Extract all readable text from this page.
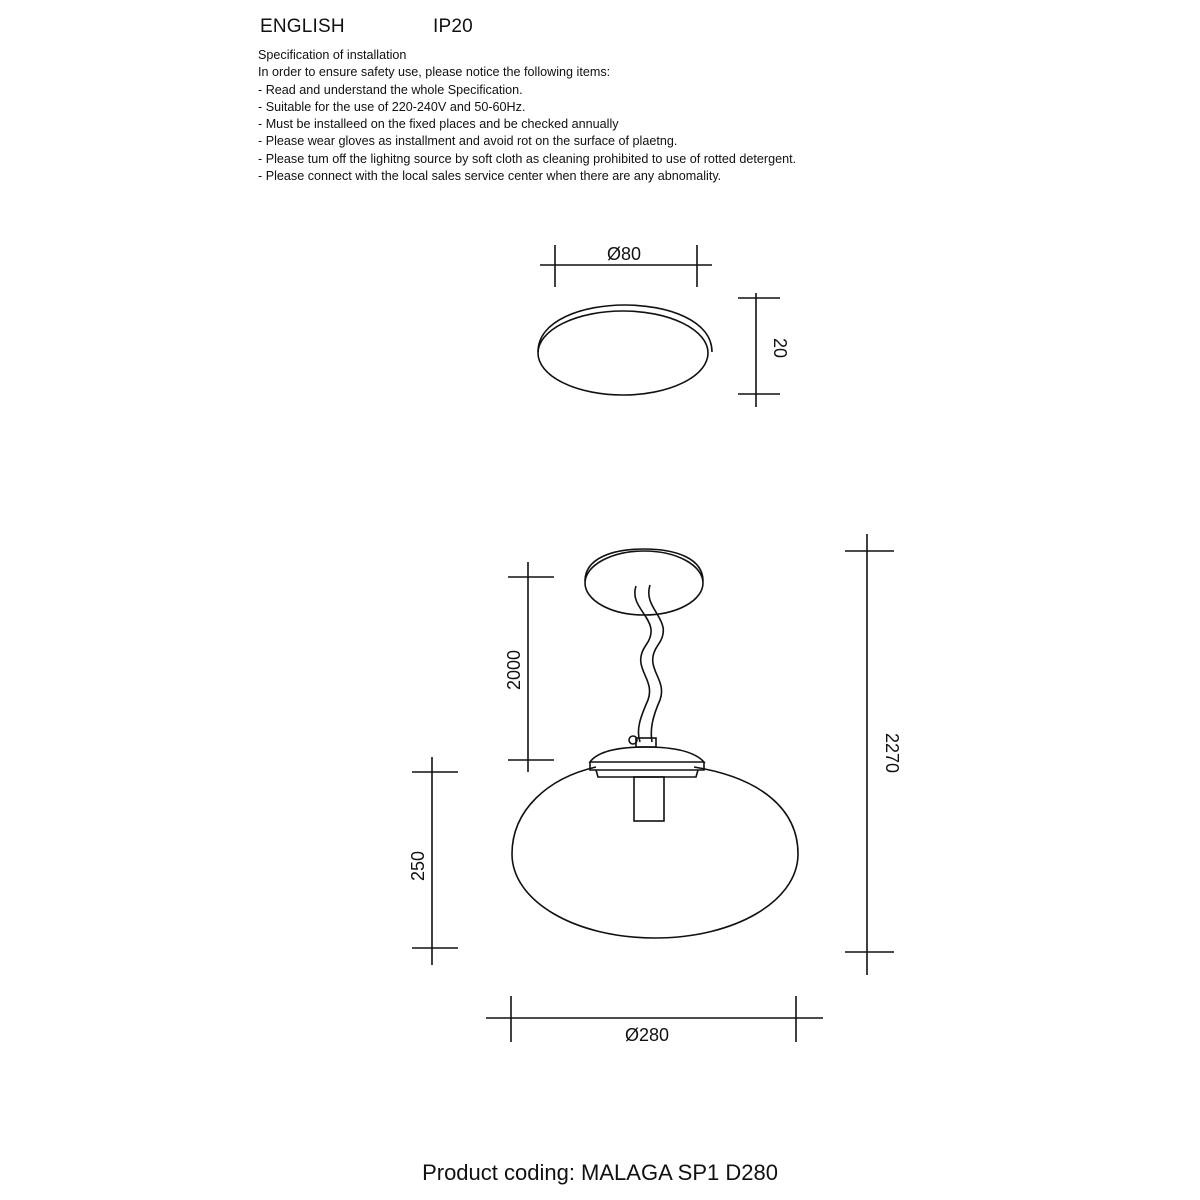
ENGLISH	IP20
Specification of installation
In order to ensure safety use, please notice the following items:
- Read and understand the whole Specification.
- Suitable for the use of 220-240V and 50-60Hz.
- Must be installeed on the fixed places and be checked annually
- Please wear gloves as installment and avoid rot on the surface of plaetng.
- Please tum off the lighitng source by soft cloth as cleaning prohibited to use of rotted detergent.
- Please connect with the local sales service center when there are any abnomality.
Ø80
20
2000
250
2270
Ø280
Product coding: MALAGA SP1 D280
